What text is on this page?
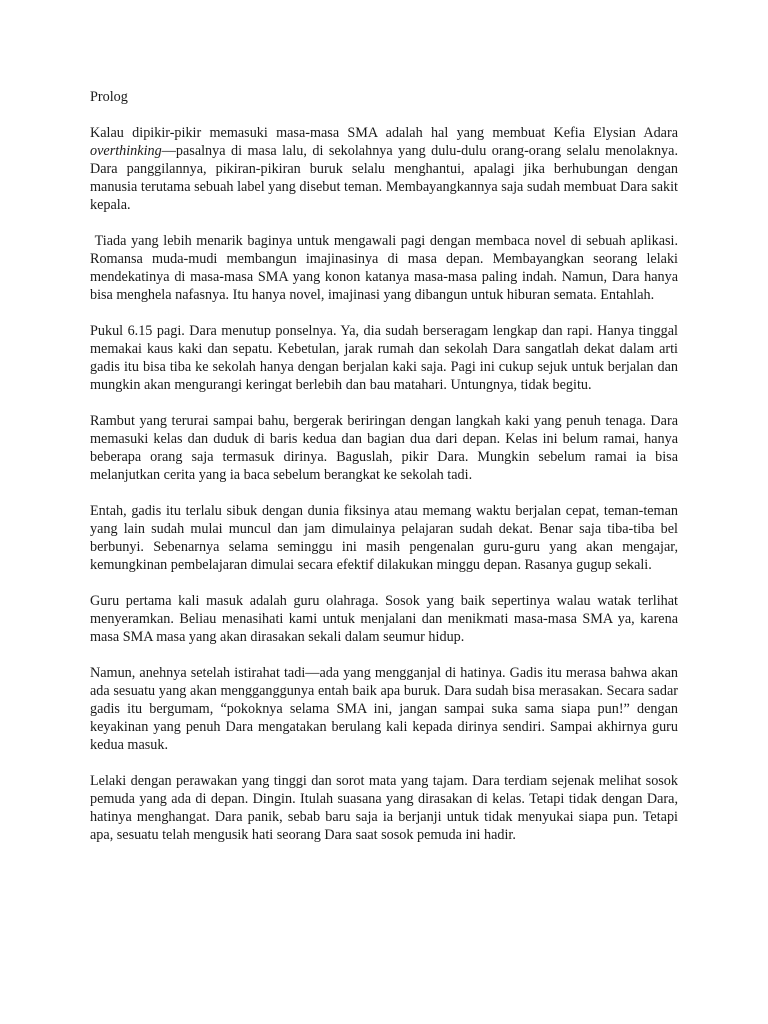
Prolog

Kalau dipikir-pikir memasuki masa-masa SMA adalah hal yang membuat Kefia Elysian Adara overthinking—pasalnya di masa lalu, di sekolahnya yang dulu-dulu orang-orang selalu menolaknya. Dara panggilannya, pikiran-pikiran buruk selalu menghantui, apalagi jika berhubungan dengan manusia terutama sebuah label yang disebut teman. Membayangkannya saja sudah membuat Dara sakit kepala.

Tiada yang lebih menarik baginya untuk mengawali pagi dengan membaca novel di sebuah aplikasi. Romansa muda-mudi membangun imajinasinya di masa depan. Membayangkan seorang lelaki mendekatinya di masa-masa SMA yang konon katanya masa-masa paling indah. Namun, Dara hanya bisa menghela nafasnya. Itu hanya novel, imajinasi yang dibangun untuk hiburan semata. Entahlah.

Pukul 6.15 pagi. Dara menutup ponselnya. Ya, dia sudah berseragam lengkap dan rapi. Hanya tinggal memakai kaus kaki dan sepatu. Kebetulan, jarak rumah dan sekolah Dara sangatlah dekat dalam arti gadis itu bisa tiba ke sekolah hanya dengan berjalan kaki saja. Pagi ini cukup sejuk untuk berjalan dan mungkin akan mengurangi keringat berlebih dan bau matahari. Untungnya, tidak begitu.

Rambut yang terurai sampai bahu, bergerak beriringan dengan langkah kaki yang penuh tenaga. Dara memasuki kelas dan duduk di baris kedua dan bagian dua dari depan. Kelas ini belum ramai, hanya beberapa orang saja termasuk dirinya. Baguslah, pikir Dara. Mungkin sebelum ramai ia bisa melanjutkan cerita yang ia baca sebelum berangkat ke sekolah tadi.

Entah, gadis itu terlalu sibuk dengan dunia fiksinya atau memang waktu berjalan cepat, teman-teman yang lain sudah mulai muncul dan jam dimulainya pelajaran sudah dekat. Benar saja tiba-tiba bel berbunyi. Sebenarnya selama seminggu ini masih pengenalan guru-guru yang akan mengajar, kemungkinan pembelajaran dimulai secara efektif dilakukan minggu depan. Rasanya gugup sekali.

Guru pertama kali masuk adalah guru olahraga. Sosok yang baik sepertinya walau watak terlihat menyeramkan. Beliau menasihati kami untuk menjalani dan menikmati masa-masa SMA ya, karena masa SMA masa yang akan dirasakan sekali dalam seumur hidup.

Namun, anehnya setelah istirahat tadi—ada yang mengganjal di hatinya. Gadis itu merasa bahwa akan ada sesuatu yang akan mengganggunya entah baik apa buruk. Dara sudah bisa merasakan. Secara sadar gadis itu bergumam, “pokoknya selama SMA ini, jangan sampai suka sama siapa pun!” dengan keyakinan yang penuh Dara mengatakan berulang kali kepada dirinya sendiri. Sampai akhirnya guru kedua masuk.

Lelaki dengan perawakan yang tinggi dan sorot mata yang tajam. Dara terdiam sejenak melihat sosok pemuda yang ada di depan. Dingin. Itulah suasana yang dirasakan di kelas. Tetapi tidak dengan Dara, hatinya menghangat. Dara panik, sebab baru saja ia berjanji untuk tidak menyukai siapa pun. Tetapi apa, sesuatu telah mengusik hati seorang Dara saat sosok pemuda ini hadir.
